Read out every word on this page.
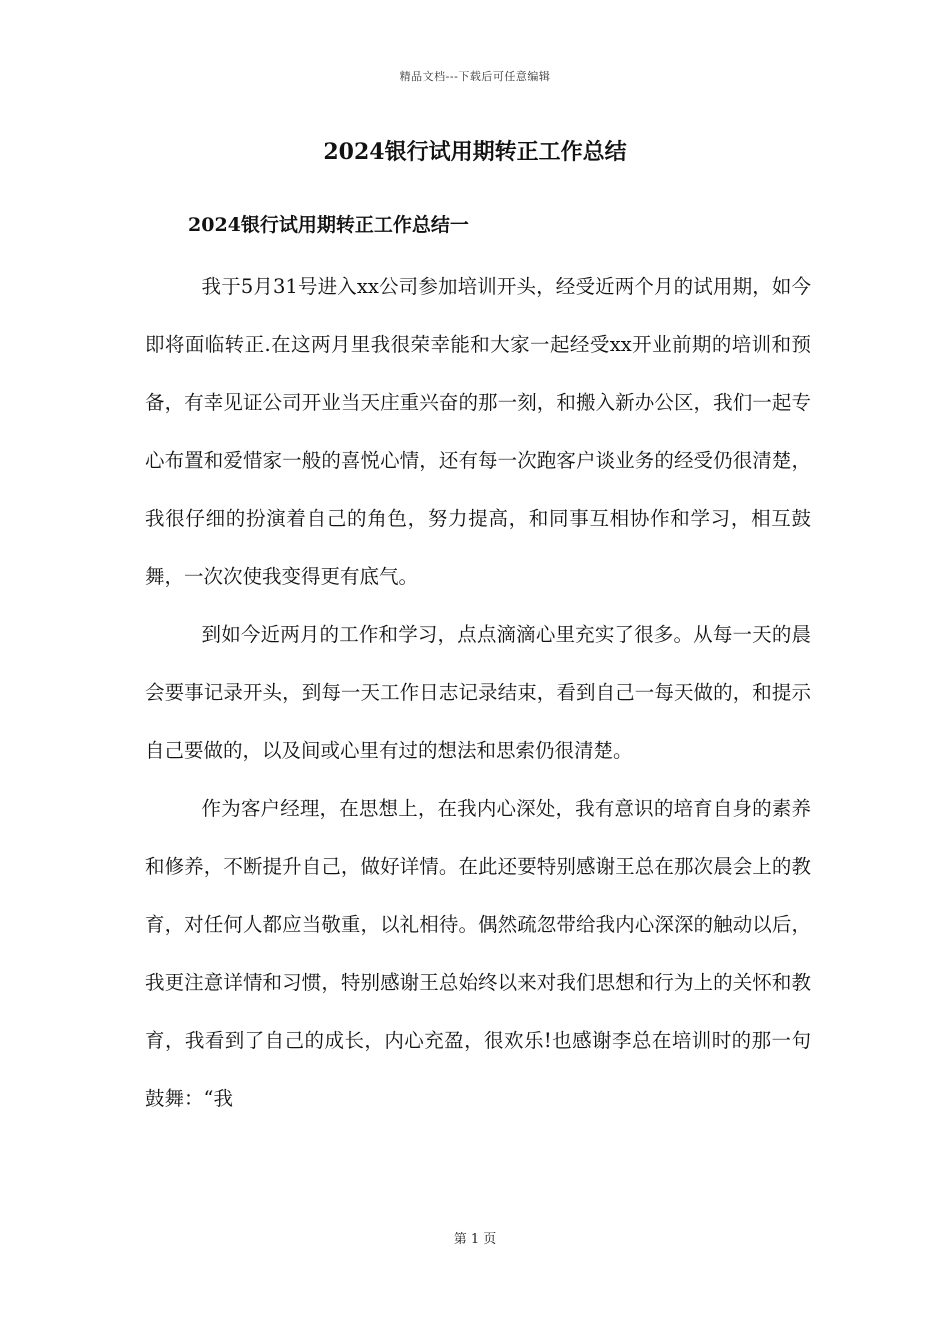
精品文档---下载后可任意编辑
2024银行试用期转正工作总结
2024银行试用期转正工作总结一

我于5月31号进入xx公司参加培训开头，经受近两个月的试用期，如今即将面临转正.在这两月里我很荣幸能和大家一起经受xx开业前期的培训和预备，有幸见证公司开业当天庄重兴奋的那一刻，和搬入新办公区，我们一起专心布置和爱惜家一般的喜悦心情，还有每一次跑客户谈业务的经受仍很清楚，我很仔细的扮演着自己的角色，努力提高，和同事互相协作和学习，相互鼓舞，一次次使我变得更有底气。

到如今近两月的工作和学习，点点滴滴心里充实了很多。从每一天的晨会要事记录开头，到每一天工作日志记录结束，看到自己一每天做的，和提示自己要做的，以及间或心里有过的想法和思索仍很清楚。

作为客户经理，在思想上，在我内心深处，我有意识的培育自身的素养和修养，不断提升自己，做好详情。在此还要特别感谢王总在那次晨会上的教育，对任何人都应当敬重，以礼相待。偶然疏忽带给我内心深深的触动以后，我更注意详情和习惯，特别感谢王总始终以来对我们思想和行为上的关怀和教育，我看到了自己的成长，内心充盈，很欢乐!也感谢李总在培训时的那一句鼓舞：“我

第 1 页
